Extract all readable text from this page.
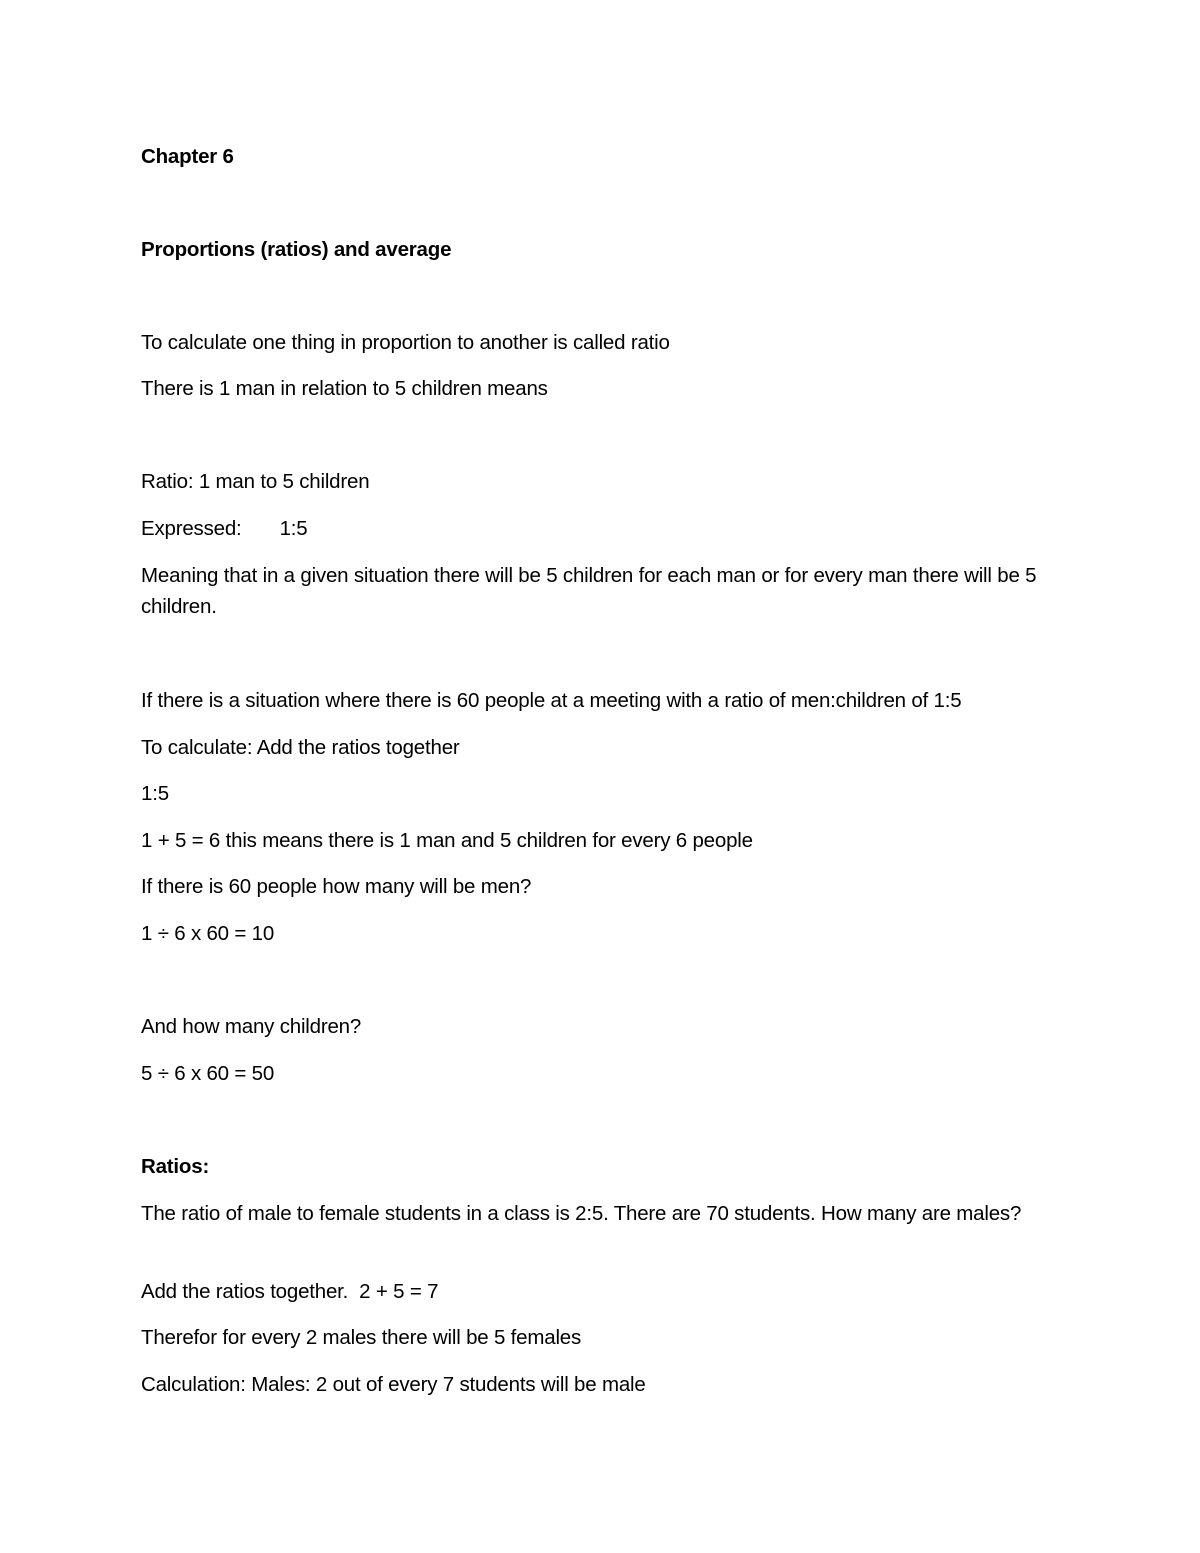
Chapter 6

Proportions (ratios) and average

To calculate one thing in proportion to another is called ratio

There is 1 man in relation to 5 children means

Ratio: 1 man to 5 children

Expressed: 1:5

Meaning that in a given situation there will be 5 children for each man or for every man there will be 5 children.

If there is a situation where there is 60 people at a meeting with a ratio of men:children of 1:5

To calculate: Add the ratios together

1:5

1 + 5 = 6 this means there is 1 man and 5 children for every 6 people

If there is 60 people how many will be men?

1 ÷ 6 x 60 = 10

And how many children?

5 ÷ 6 x 60 = 50

Ratios:

The ratio of male to female students in a class is 2:5. There are 70 students. How many are males?

Add the ratios together.  2 + 5 = 7

Therefor for every 2 males there will be 5 females

Calculation: Males: 2 out of every 7 students will be male
